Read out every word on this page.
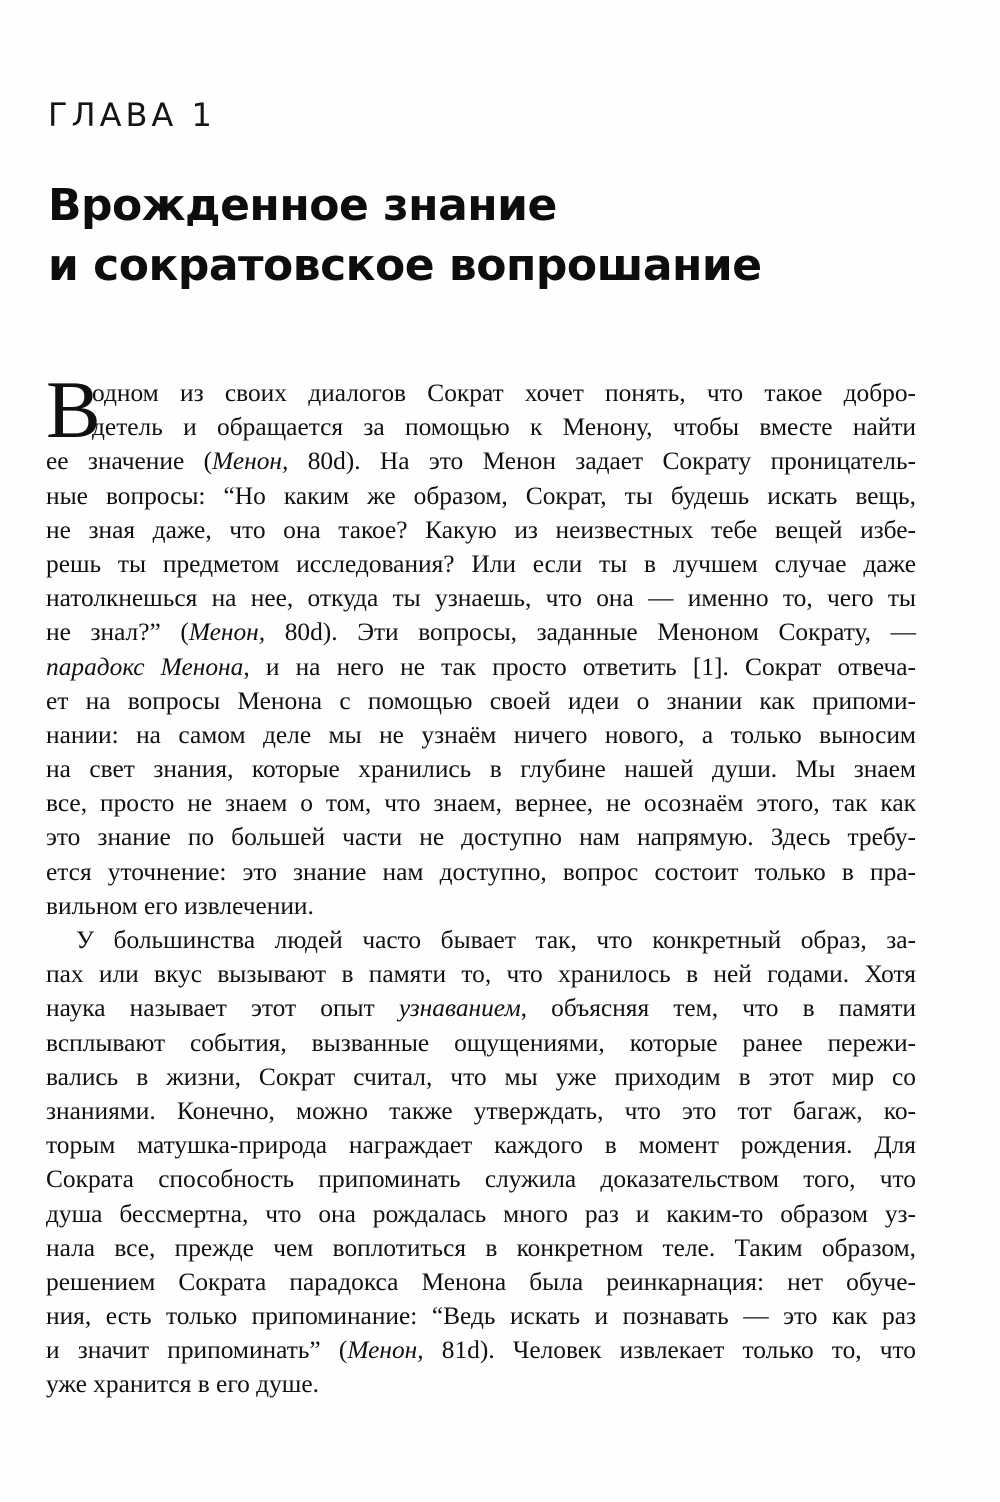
ГЛАВА 1
Врожденное знание
и сократовское вопрошание
В
одном из своих диалогов Сократ хочет понять, что такое добро-
детель и обращается за помощью к Менону, чтобы вместе найти
ее значение (Менон, 80d). На это Менон задает Сократу проницатель-
ные вопросы: “Но каким же образом, Сократ, ты будешь искать вещь,
не зная даже, что она такое? Какую из неизвестных тебе вещей избе-
решь ты предметом исследования? Или если ты в лучшем случае даже
натолкнешься на нее, откуда ты узнаешь, что она — именно то, чего ты
не знал?” (Менон, 80d). Эти вопросы, заданные Меноном Сократу, —
парадокс Менона, и на него не так просто ответить [1]. Сократ отвеча-
ет на вопросы Менона с помощью своей идеи о знании как припоми-
нании: на самом деле мы не узнаём ничего нового, а только выносим
на свет знания, которые хранились в глубине нашей души. Мы знаем
все, просто не знаем о том, что знаем, вернее, не осознаём этого, так как
это знание по большей части не доступно нам напрямую. Здесь требу-
ется уточнение: это знание нам доступно, вопрос состоит только в пра-
вильном его извлечении.
У большинства людей часто бывает так, что конкретный образ, за-
пах или вкус вызывают в памяти то, что хранилось в ней годами. Хотя
наука называет этот опыт узнаванием, объясняя тем, что в памяти
всплывают события, вызванные ощущениями, которые ранее пережи-
вались в жизни, Сократ считал, что мы уже приходим в этот мир со
знаниями. Конечно, можно также утверждать, что это тот багаж, ко-
торым матушка-природа награждает каждого в момент рождения. Для
Сократа способность припоминать служила доказательством того, что
душа бессмертна, что она рождалась много раз и каким-то образом уз-
нала все, прежде чем воплотиться в конкретном теле. Таким образом,
решением Сократа парадокса Менона была реинкарнация: нет обуче-
ния, есть только припоминание: “Ведь искать и познавать — это как раз
и значит припоминать” (Менон, 81d). Человек извлекает только то, что
уже хранится в его душе.
